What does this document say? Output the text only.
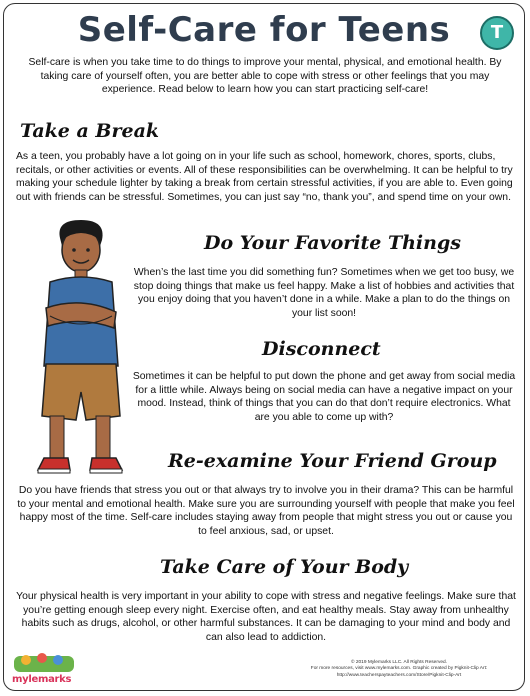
Self-Care for Teens	T

Self-care is when you take time to do things to improve your mental, physical, and emotional health. By taking care of yourself often, you are better able to cope with stress or other feelings that you may experience. Read below to learn how you can start practicing self-care!

Take a Break

As a teen, you probably have a lot going on in your life such as school, homework, chores, sports, clubs, recitals, or other activities or events. All of these responsibilities can be overwhelming. It can be helpful to try making your schedule lighter by taking a break from certain stressful activities, if you are able to. Even going out with friends can be stressful. Sometimes, you can just say “no, thank you”, and spend time on your own.

Do Your Favorite Things

When’s the last time you did something fun? Sometimes when we get too busy, we stop doing things that make us feel happy. Make a list of hobbies and activities that you enjoy doing that you haven’t done in a while. Make a plan to do the things on your list soon!

Disconnect

Sometimes it can be helpful to put down the phone and get away from social media for a little while. Always being on social media can have a negative impact on your mood. Instead, think of things that you can do that don’t require electronics. What are you able to come up with?

Re-examine Your Friend Group

Do you have friends that stress you out or that always try to involve you in their drama? This can be harmful to your mental and emotional health. Make sure you are surrounding yourself with people that make you feel happy most of the time. Self-care includes staying away from people that might stress you out or cause you to feel anxious, sad, or upset.

Take Care of Your Body

Your physical health is very important in your ability to cope with stress and negative feelings. Make sure that you’re getting enough sleep every night. Exercise often, and eat healthy meals. Stay away from unhealthy habits such as drugs, alcohol, or other harmful substances. It can be damaging to your mind and body and can also lead to addiction.

mylemarks
© 2019 Mylemarks LLC. All Rights Reserved.
For more resources, visit www.mylemarks.com. Graphic created by Pigknit-Clip Art:
http://www.teacherspayteachers.com/Store/Pigknit-Clip-Art
